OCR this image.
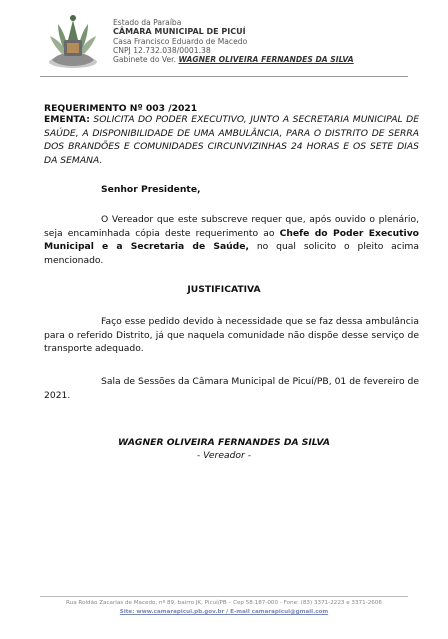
Estado da Paraíba
CÂMARA MUNICIPAL DE PICUÍ
Casa Francisco Eduardo de Macedo
CNPJ 12.732.038/0001.38
Gabinete do Ver. WAGNER OLIVEIRA FERNANDES DA SILVA
REQUERIMENTO Nº 003 /2021
EMENTA: SOLICITA DO PODER EXECUTIVO, JUNTO A SECRETARIA MUNICIPAL DE SAÚDE, A DISPONIBILIDADE DE UMA AMBULÂNCIA, PARA O DISTRITO DE SERRA DOS BRANDÕES E COMUNIDADES CIRCUNVIZINHAS 24 HORAS E OS SETE DIAS DA SEMANA.
Senhor Presidente,
O Vereador que este subscreve requer que, após ouvido o plenário, seja encaminhada cópia deste requerimento ao Chefe do Poder Executivo Municipal e a Secretaria de Saúde, no qual solicito o pleito acima mencionado.
JUSTIFICATIVA
Faço esse pedido devido à necessidade que se faz dessa ambulância para o referido Distrito, já que naquela comunidade não dispõe desse serviço de transporte adequado.
Sala de Sessões da Câmara Municipal de Picuí/PB, 01 de fevereiro de 2021.
WAGNER OLIVEIRA FERNANDES DA SILVA
- Vereador -
Rua Roldão Zacarias de Macedo, nº 89, bairro JK, Picuí/PB – Cep 58.187-000 - Fone: (83) 3371-2223 e 3371-2606
Site: www.camarapicui.pb.gov.br / E-mail camarapicui@gmail.com
